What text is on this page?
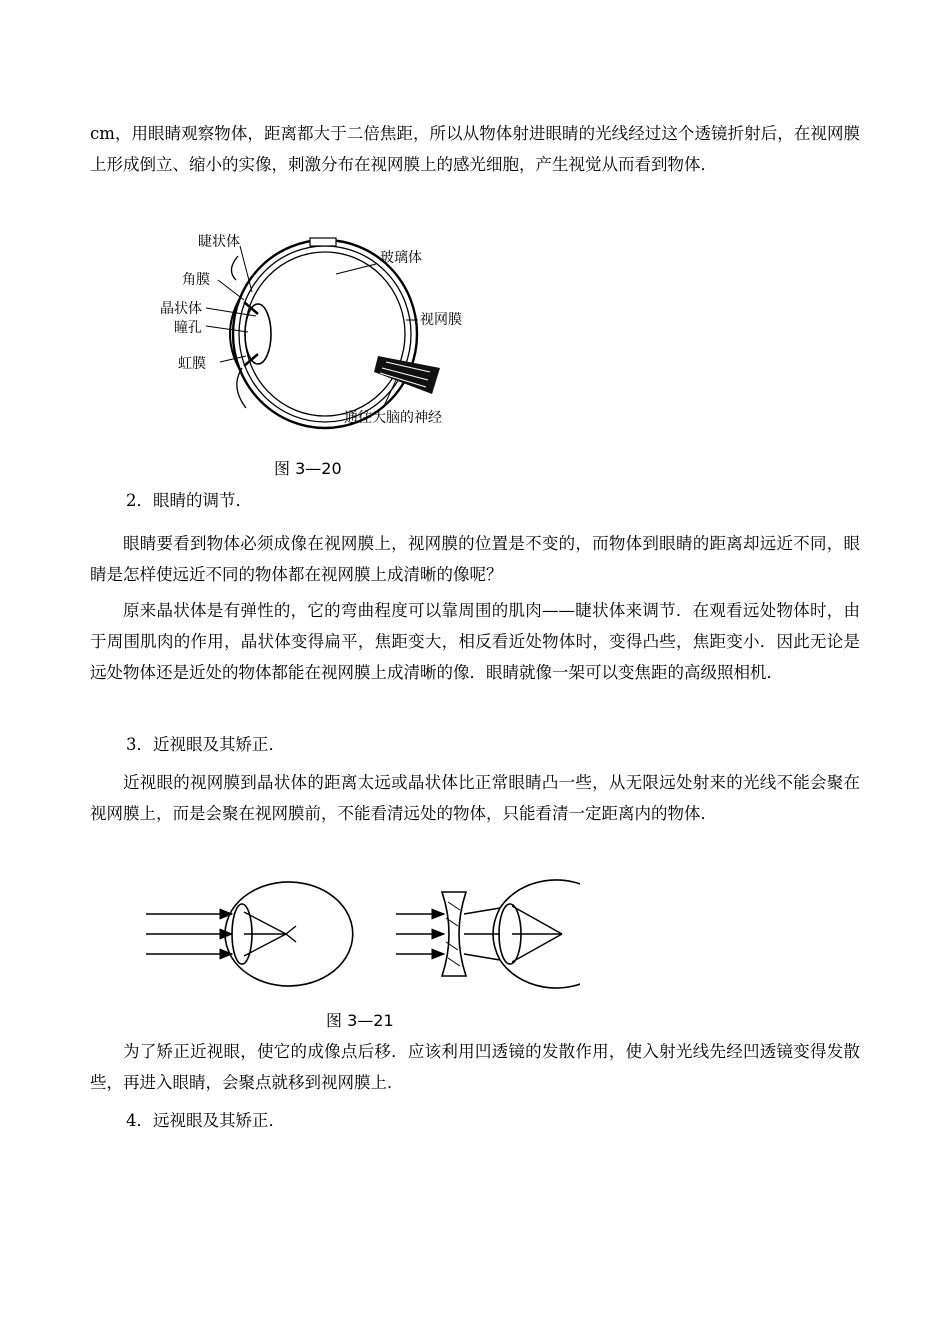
cm，用眼睛观察物体，距离都大于二倍焦距，所以从物体射进眼睛的光线经过这个透镜折射后，在视网膜上形成倒立、缩小的实像，刺激分布在视网膜上的感光细胞，产生视觉从而看到物体．

睫状体
角膜
晶状体
瞳孔
虹膜
玻璃体
视网膜
通往大脑的神经
图 3—20

2．眼睛的调节．

眼睛要看到物体必须成像在视网膜上，视网膜的位置是不变的，而物体到眼睛的距离却远近不同，眼睛是怎样使远近不同的物体都在视网膜上成清晰的像呢？

原来晶状体是有弹性的，它的弯曲程度可以靠周围的肌肉——睫状体来调节．在观看远处物体时，由于周围肌肉的作用，晶状体变得扁平，焦距变大，相反看近处物体时，变得凸些，焦距变小．因此无论是远处物体还是近处的物体都能在视网膜上成清晰的像．眼睛就像一架可以变焦距的高级照相机．

3．近视眼及其矫正．

近视眼的视网膜到晶状体的距离太远或晶状体比正常眼睛凸一些，从无限远处射来的光线不能会聚在视网膜上，而是会聚在视网膜前，不能看清远处的物体，只能看清一定距离内的物体．

图 3—21

为了矫正近视眼，使它的成像点后移．应该利用凹透镜的发散作用，使入射光线先经凹透镜变得发散些，再进入眼睛，会聚点就移到视网膜上．

4．远视眼及其矫正．
